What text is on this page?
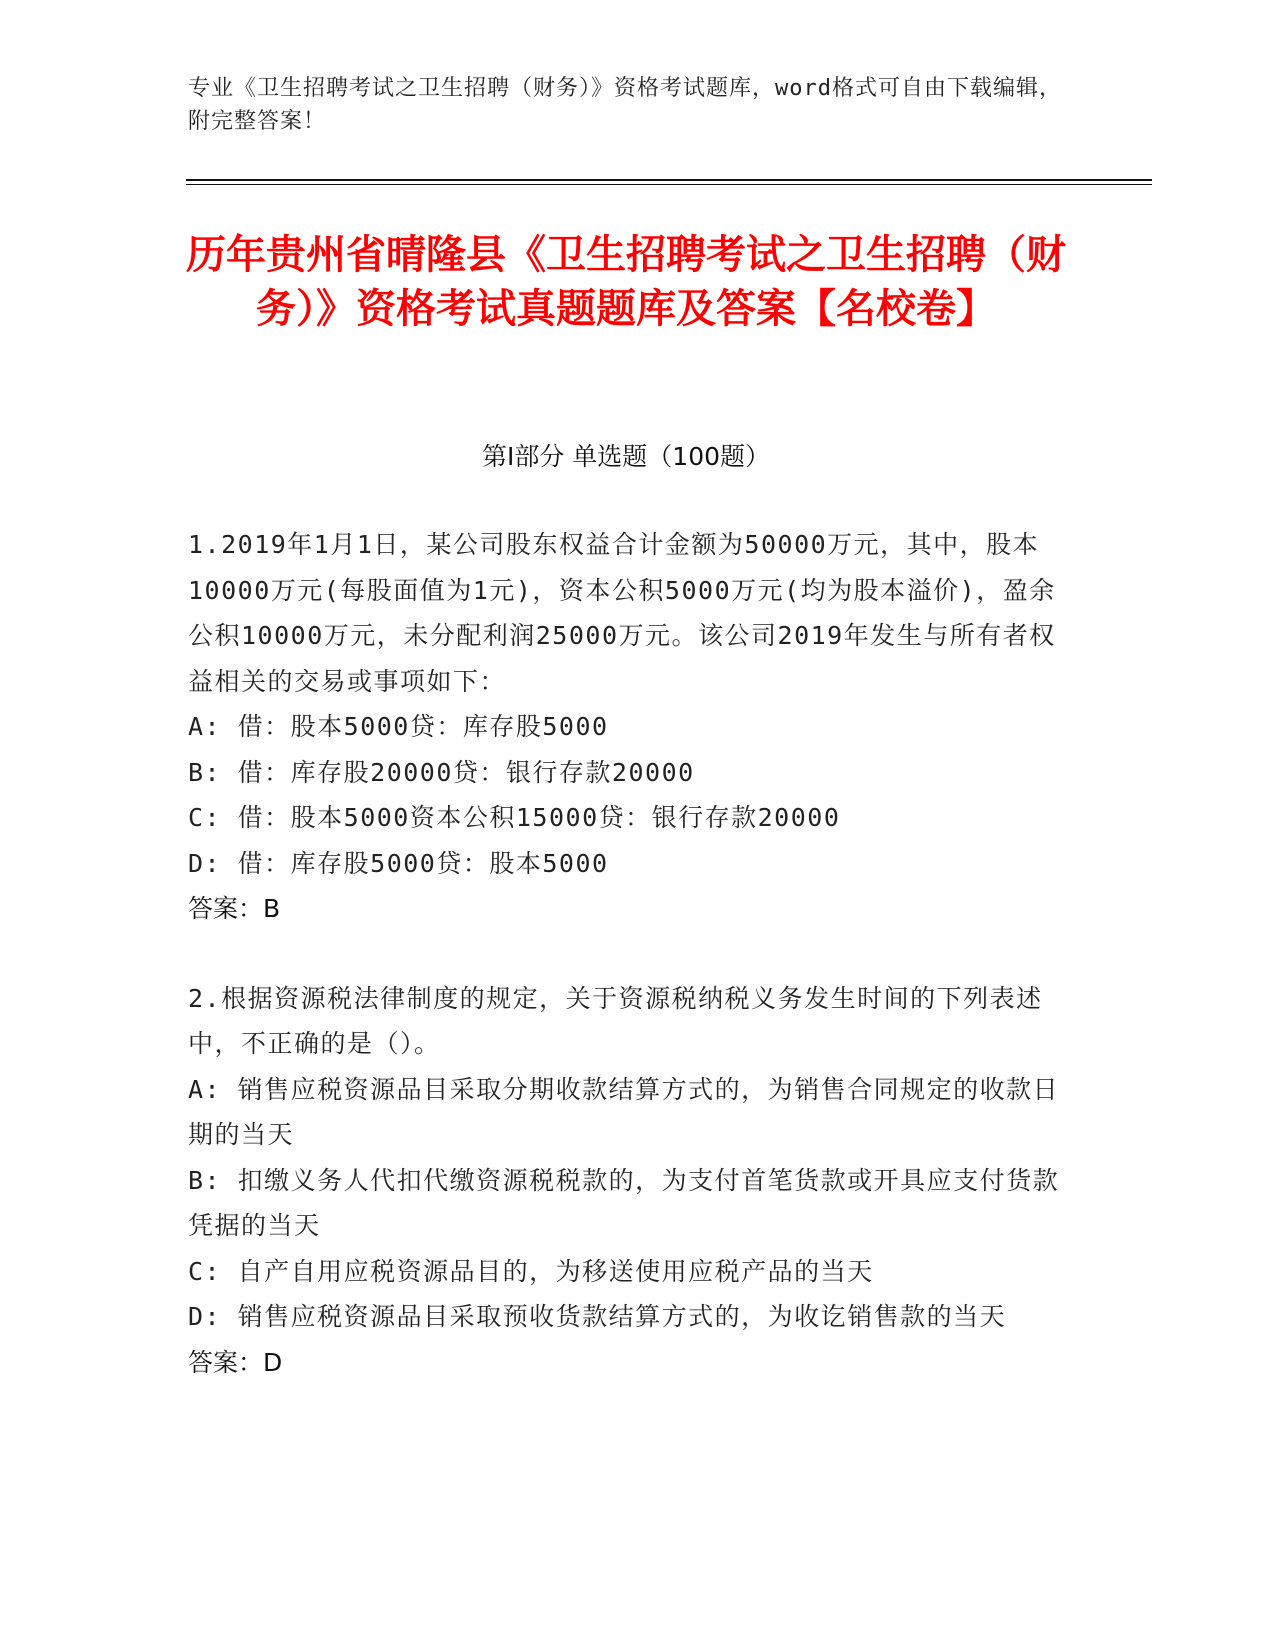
专业《卫生招聘考试之卫生招聘（财务）》资格考试题库，word格式可自由下载编辑，附完整答案！
历年贵州省晴隆县《卫生招聘考试之卫生招聘（财务）》资格考试真题题库及答案【名校卷】
第Ⅰ部分 单选题（100题）

1.2019年1月1日，某公司股东权益合计金额为50000万元，其中，股本10000万元(每股面值为1元)，资本公积5000万元(均为股本溢价)，盈余公积10000万元，未分配利润25000万元。该公司2019年发生与所有者权益相关的交易或事项如下：

A: 借：股本5000贷：库存股5000

B: 借：库存股20000贷：银行存款20000

C: 借：股本5000资本公积15000贷：银行存款20000

D: 借：库存股5000贷：股本5000

答案：B

2.根据资源税法律制度的规定，关于资源税纳税义务发生时间的下列表述中，不正确的是（）。

A: 销售应税资源品目采取分期收款结算方式的，为销售合同规定的收款日期的当天

B: 扣缴义务人代扣代缴资源税税款的，为支付首笔货款或开具应支付货款凭据的当天

C: 自产自用应税资源品目的，为移送使用应税产品的当天

D: 销售应税资源品目采取预收货款结算方式的，为收讫销售款的当天

答案：D
